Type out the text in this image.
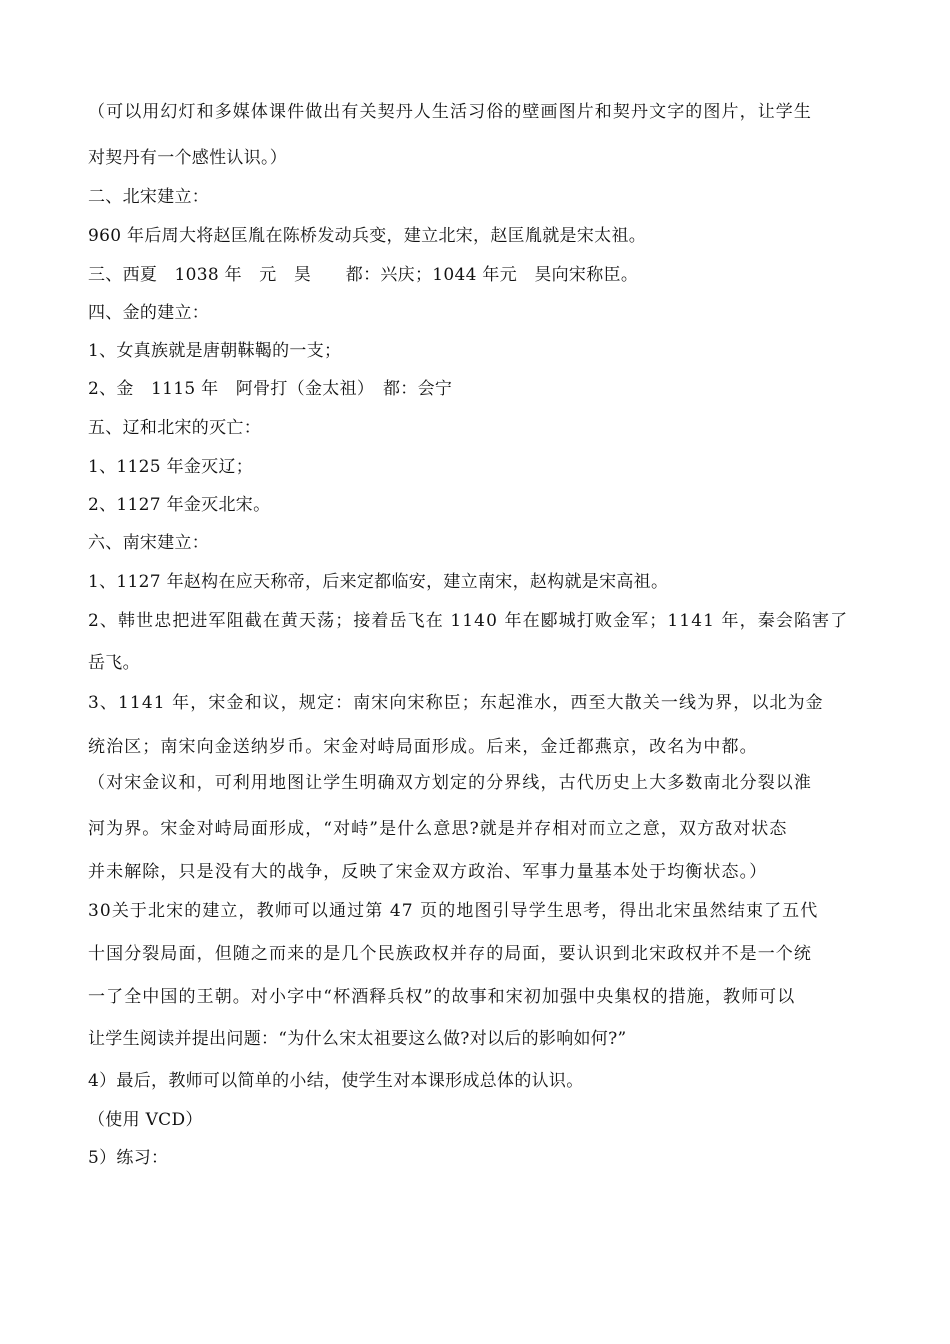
（可以用幻灯和多媒体课件做出有关契丹人生活习俗的壁画图片和契丹文字的图片，让学生
对契丹有一个感性认识。）
二、北宋建立：
960 年后周大将赵匡胤在陈桥发动兵变，建立北宋，赵匡胤就是宋太祖。
三、西夏　1038 年　元　昊　　都：兴庆；1044 年元　昊向宋称臣。
四、金的建立：
1、女真族就是唐朝靺鞨的一支；
2、金　1115 年　阿骨打（金太祖）　都：会宁
五、辽和北宋的灭亡：
1、1125 年金灭辽；
2、1127 年金灭北宋。
六、南宋建立：
1、1127 年赵构在应天称帝，后来定都临安，建立南宋，赵构就是宋高祖。
2、韩世忠把进军阻截在黄天荡；接着岳飞在 1140 年在郾城打败金军；1141 年，秦会陷害了
岳飞。
3、1141 年，宋金和议，规定：南宋向宋称臣；东起淮水，西至大散关一线为界，以北为金
统治区；南宋向金送纳岁币。宋金对峙局面形成。后来，金迁都燕京，改名为中都。
（对宋金议和，可利用地图让学生明确双方划定的分界线，古代历史上大多数南北分裂以淮
河为界。宋金对峙局面形成，“对峙”是什么意思?就是并存相对而立之意，双方敌对状态
并未解除，只是没有大的战争，反映了宋金双方政治、军事力量基本处于均衡状态。）
30关于北宋的建立，教师可以通过第 47 页的地图引导学生思考，得出北宋虽然结束了五代
十国分裂局面，但随之而来的是几个民族政权并存的局面，要认识到北宋政权并不是一个统
一了全中国的王朝。对小字中“杯酒释兵权”的故事和宋初加强中央集权的措施，教师可以
让学生阅读并提出问题：“为什么宋太祖要这么做?对以后的影响如何?”
4）最后，教师可以简单的小结，使学生对本课形成总体的认识。
（使用 VCD）
5）练习：
